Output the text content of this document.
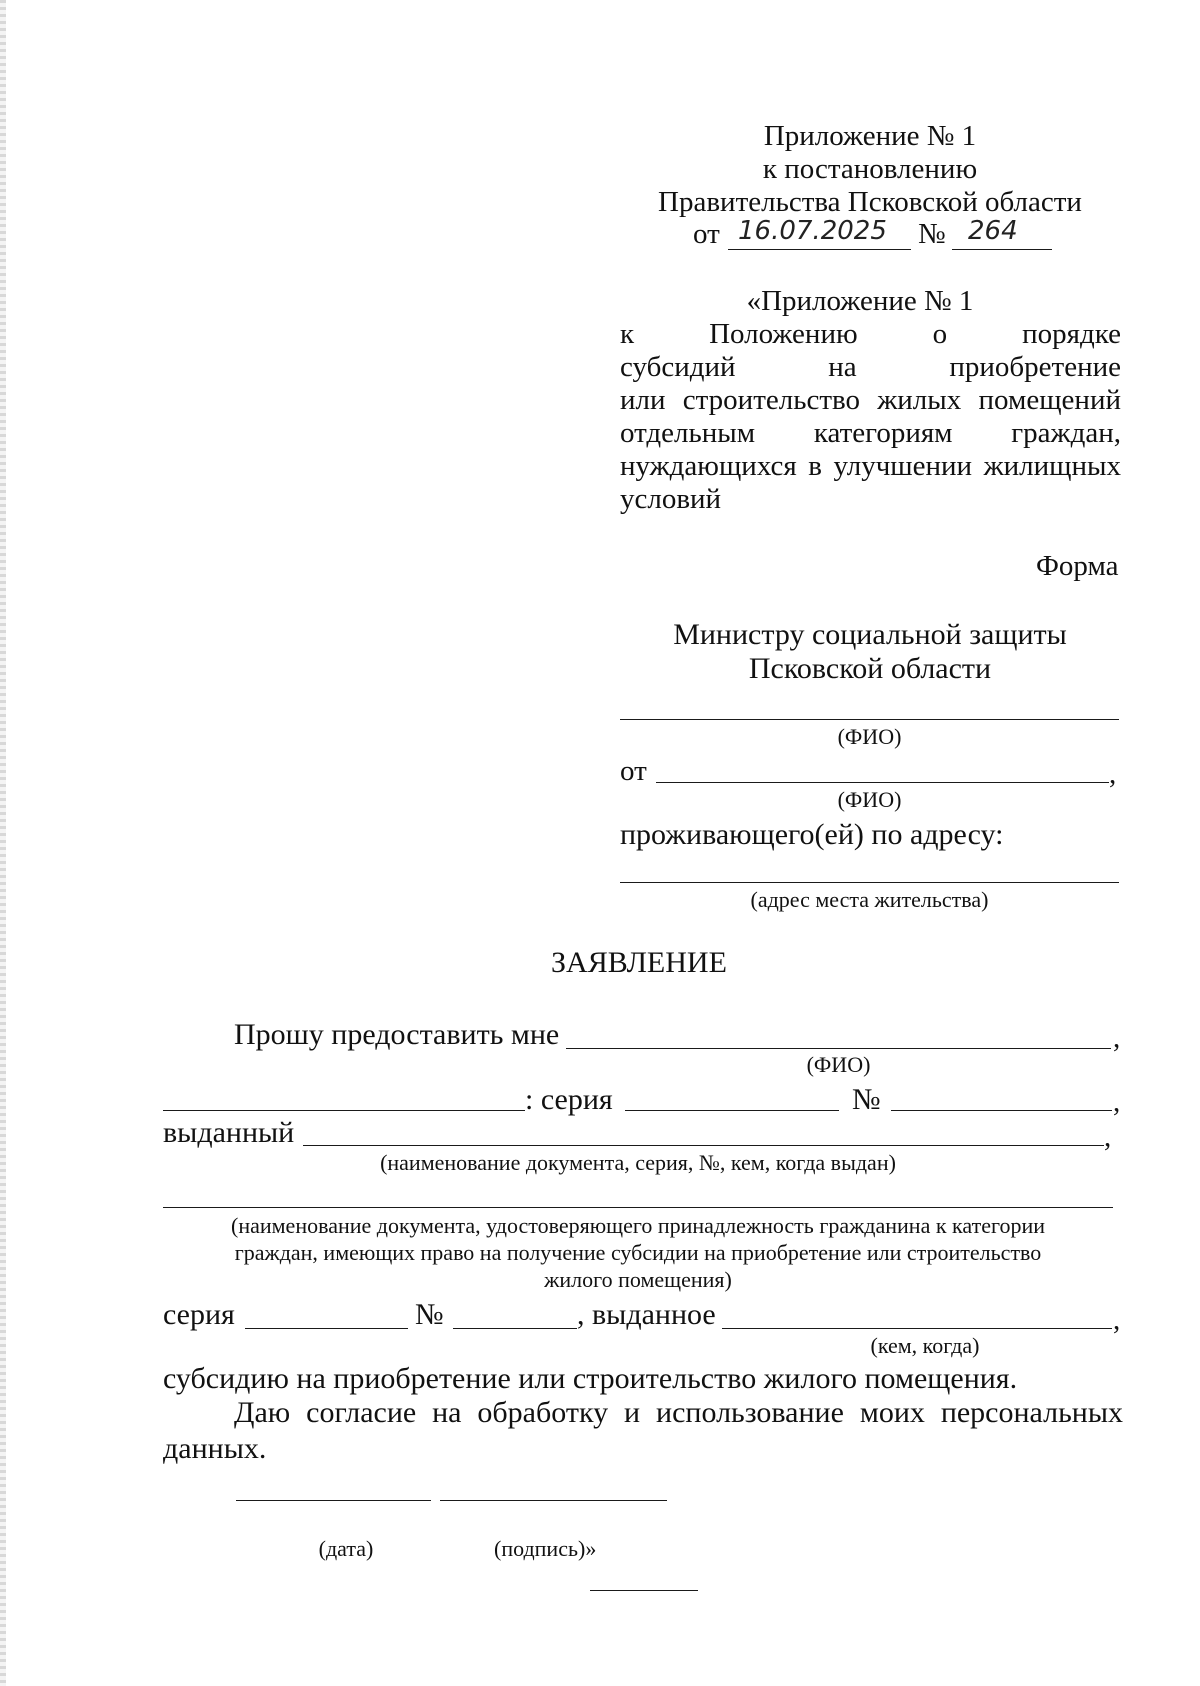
Приложение № 1
к постановлению
Правительства Псковской области
от 16.07.2025 № 264
«Приложение № 1
к Положению о порядке
субсидий на приобретение
или строительство жилых помещений
отдельным категориям граждан,
нуждающихся в улучшении жилищных
условий
Форма
Министру социальной защиты
Псковской области
(ФИО)
от	,
(ФИО)
проживающего(ей) по адресу:
(адрес места жительства)
ЗАЯВЛЕНИЕ
Прошу предоставить мне	,
(ФИО)
: серия	№	,
выданный	,
(наименование документа, серия, №, кем, когда выдан)
(наименование документа, удостоверяющего принадлежность гражданина к категории
граждан, имеющих право на получение субсидии на приобретение или строительство
жилого помещения)
серия	№	, выданное	,
(кем, когда)
субсидию на приобретение или строительство жилого помещения.
Даю согласие на обработку и использование моих персональных данных.
(дата)	(подпись)»
